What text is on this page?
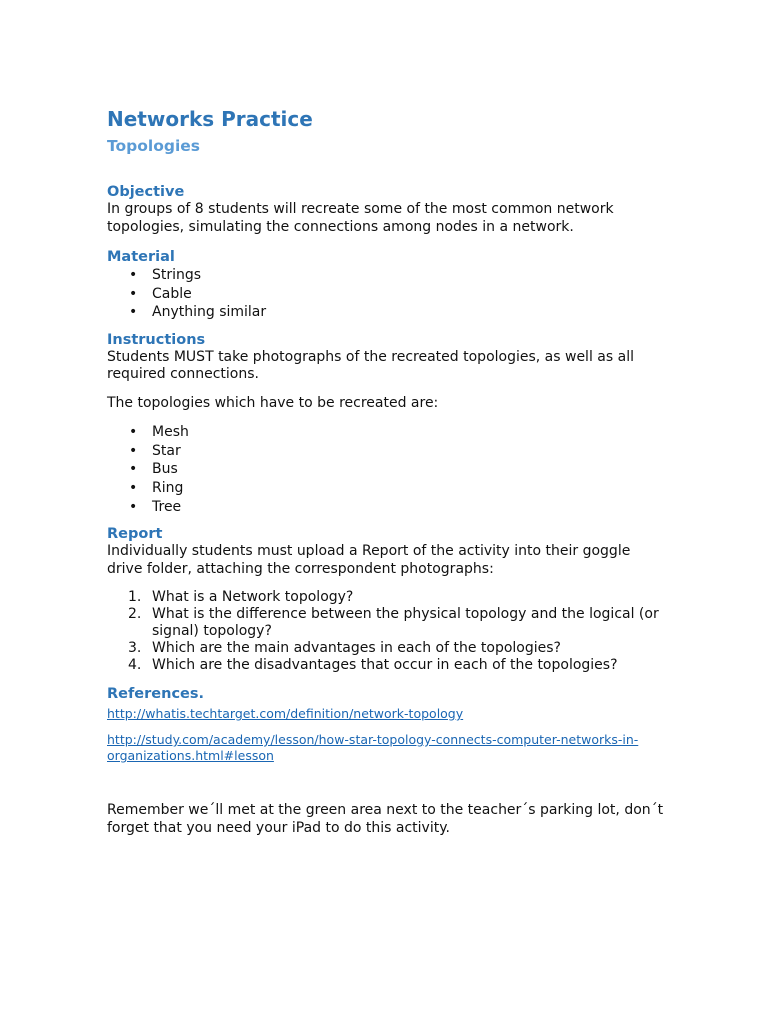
Networks Practice
Topologies
Objective

In groups of 8 students will recreate some of the most common network topologies, simulating the connections among nodes in a network.

Material
• Strings
• Cable
• Anything similar
Instructions

Students MUST take photographs of the recreated topologies, as well as all required connections.

The topologies which have to be recreated are:

• Mesh
• Star
• Bus
• Ring
• Tree
Report

Individually students must upload a Report of the activity into their goggle drive folder, attaching the correspondent photographs:

1. What is a Network topology?
2. What is the difference between the physical topology and the logical (or signal) topology?
3. Which are the main advantages in each of the topologies?
4. Which are the disadvantages that occur in each of the topologies?
References.

http://whatis.techtarget.com/definition/network-topology

http://study.com/academy/lesson/how-star-topology-connects-computer-networks-in-organizations.html#lesson

Remember we´ll met at the green area next to the teacher´s parking lot, don´t forget that you need your iPad to do this activity.
